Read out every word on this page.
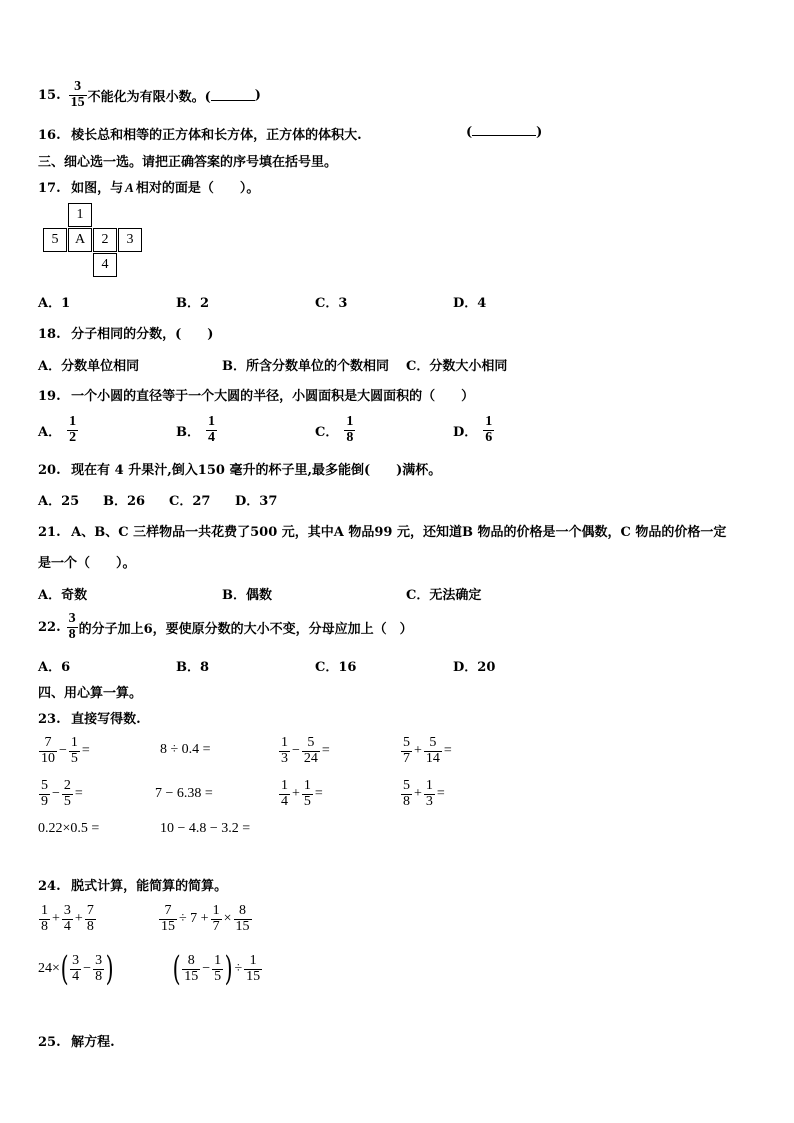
15. $\frac{3}{15}$ 不能化为有限小数。(	)
16. 棱长总和相等的正方体和长方体，正方体的体积大.	(	)
三、细心选一选。请把正确答案的序号填在括号里。
17. 如图，与 A 相对的面是（　　）。
1
5	A	2	3
4
A．1	B．2	C．3	D．4
18. 分子相同的分数，(　　)
A．分数单位相同	B．所含分数单位的个数相同 C．分数大小相同
19. 一个小圆的直径等于一个大圆的半径，小圆面积是大圆面积的（　　）
A． $\frac{1}{2}$	B． $\frac{1}{4}$	C． $\frac{1}{8}$	D． $\frac{1}{6}$
20. 现在有 4 升果汁,倒入150 毫升的杯子里,最多能倒(　　)满杯。
A．25 B．26 C．27 D．37
21. A、B、C 三样物品一共花费了500 元，其中A 物品99 元，还知道B 物品的价格是一个偶数，C 物品的价格一定
是一个（　　）。
A．奇数	B．偶数	C．无法确定
22. $\frac{3}{8}$ 的分子加上6，要使原分数的大小不变，分母应加上（　）
A．6	B．8	C．16	D．20
四、用心算一算。
23. 直接写得数.
$\frac{7}{10} - \frac{1}{5}$ =	8 ÷ 0.4 =	$\frac{1}{3} - \frac{5}{24}$ =	$\frac{5}{7} + \frac{5}{14}$ =
$\frac{5}{9} - \frac{2}{5}$ =	7 − 6.38 =	$\frac{1}{4} + \frac{1}{5}$ =	$\frac{5}{8} + \frac{1}{3}$ =
0.22×0.5 =	10 − 4.8 − 3.2 =
24. 脱式计算，能简算的简算。
$\frac{1}{8} + \frac{3}{4} + \frac{7}{8}$	$\frac{7}{15} \div 7 + \frac{1}{7} \times \frac{8}{15}$
24× ( $\frac{3}{4} - \frac{3}{8}$ ) ( $\frac{8}{15} - \frac{1}{5}$ ) ÷ $\frac{1}{15}$
25. 解方程.
